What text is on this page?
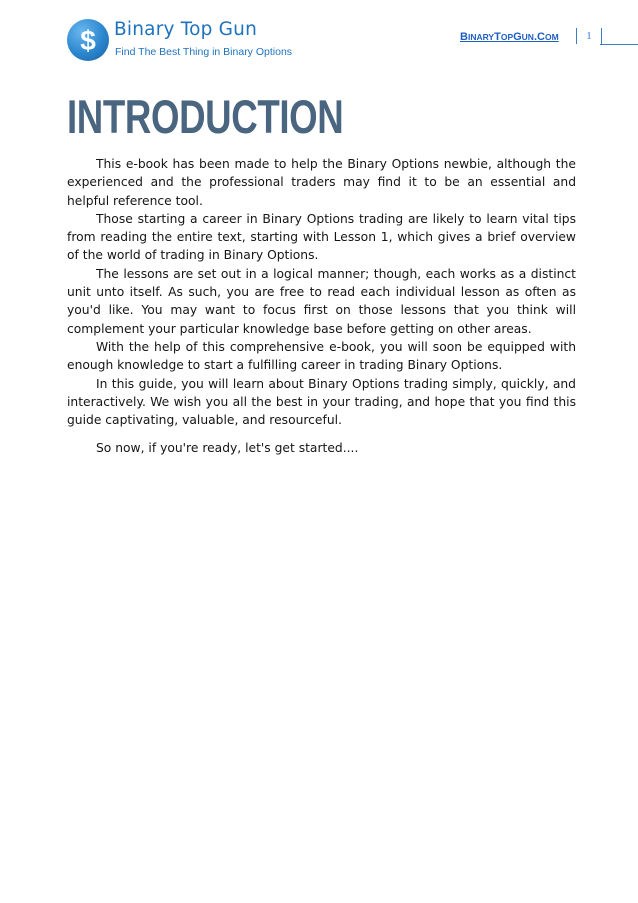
$ Binary Top Gun
Find The Best Thing in Binary Options
BINARYTOPGUN.COM	1
INTRODUCTION

This e-book has been made to help the Binary Options newbie, although the experienced and the professional traders may find it to be an essential and helpful reference tool.

Those starting a career in Binary Options trading are likely to learn vital tips from reading the entire text, starting with Lesson 1, which gives a brief overview of the world of trading in Binary Options.

The lessons are set out in a logical manner; though, each works as a distinct unit unto itself. As such, you are free to read each individual lesson as often as you'd like. You may want to focus first on those lessons that you think will complement your particular knowledge base before getting on other areas.

With the help of this comprehensive e-book, you will soon be equipped with enough knowledge to start a fulfilling career in trading Binary Options.

In this guide, you will learn about Binary Options trading simply, quickly, and interactively. We wish you all the best in your trading, and hope that you find this guide captivating, valuable, and resourceful.

So now, if you're ready, let's get started....
